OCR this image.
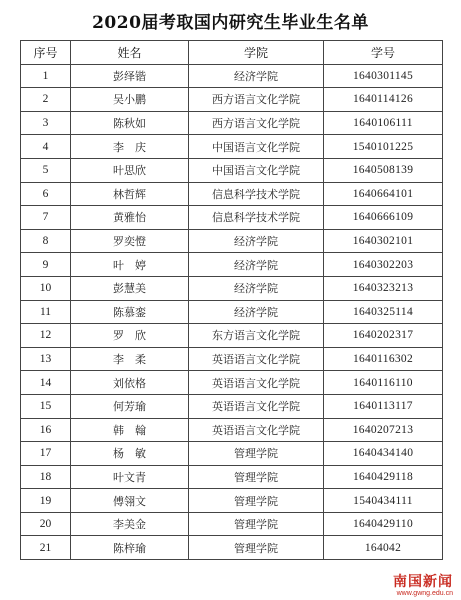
2020届考取国内研究生毕业生名单
序号	姓名	学院	学号
1	彭绎锴	经济学院	1640301145
2	吴小鹏	西方语言文化学院	1640114126
3	陈秋如	西方语言文化学院	1640106111
4	李　庆	中国语言文化学院	1540101225
5	叶思欣	中国语言文化学院	1640508139
6	林哲辉	信息科学技术学院	1640664101
7	黄雅怡	信息科学技术学院	1640666109
8	罗奕憕	经济学院	1640302101
9	叶　婷	经济学院	1640302203
10	彭慧美	经济学院	1640323213
11	陈慕銮	经济学院	1640325114
12	罗　欣	东方语言文化学院	1640202317
13	李　柔	英语语言文化学院	1640116302
14	刘依格	英语语言文化学院	1640116110
15	何芳瑜	英语语言文化学院	1640113117
16	韩　翰	英语语言文化学院	1640207213
17	杨　敏	管理学院	1640434140
18	叶文青	管理学院	1640429118
19	傅翎文	管理学院	1540434111
20	李美金	管理学院	1640429110
21	陈梓瑜	管理学院	164042
南国新闻
www.gwng.edu.cn
